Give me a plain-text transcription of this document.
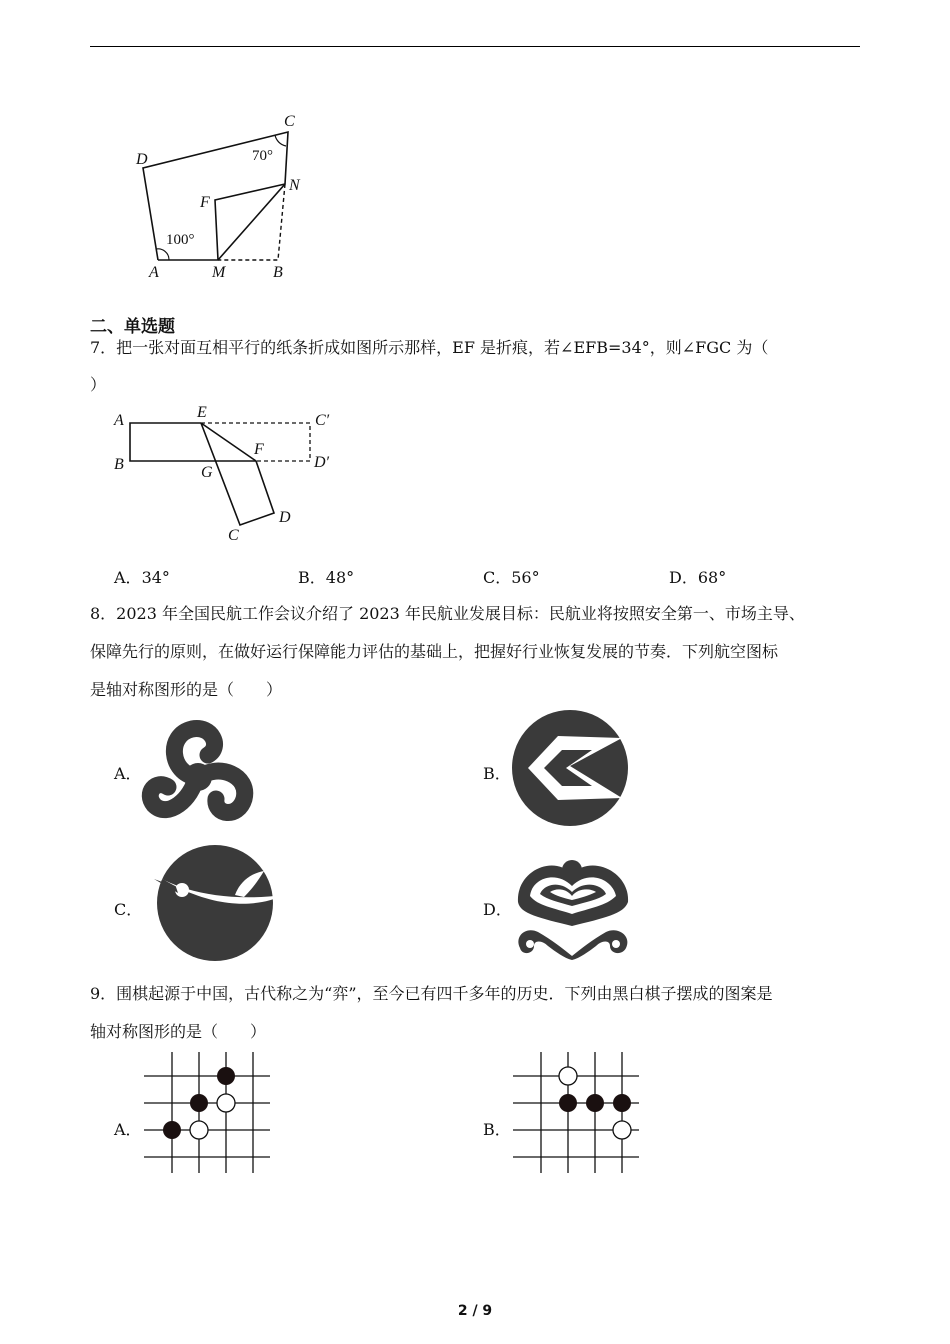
C
D	70°
N
F
100°
A	M	B
二、单选题
7．把一张对面互相平行的纸条折成如图所示那样，EF 是折痕，若∠EFB=34°，则∠FGC 为（
）
A	E	C′
B	G
F
D′
D
C
A．34°	B．48°	C．56°	D．68°
8．2023 年全国民航工作会议介绍了 2023 年民航业发展目标：民航业将按照安全第一、市场主导、
保障先行的原则，在做好运行保障能力评估的基础上，把握好行业恢复发展的节奏．下列航空图标
是轴对称图形的是（　　）
A．	B．
C．	D．
9．围棋起源于中国，古代称之为“弈”，至今已有四千多年的历史．下列由黑白棋子摆成的图案是
轴对称图形的是（　　）
A．	B．
2 / 9
